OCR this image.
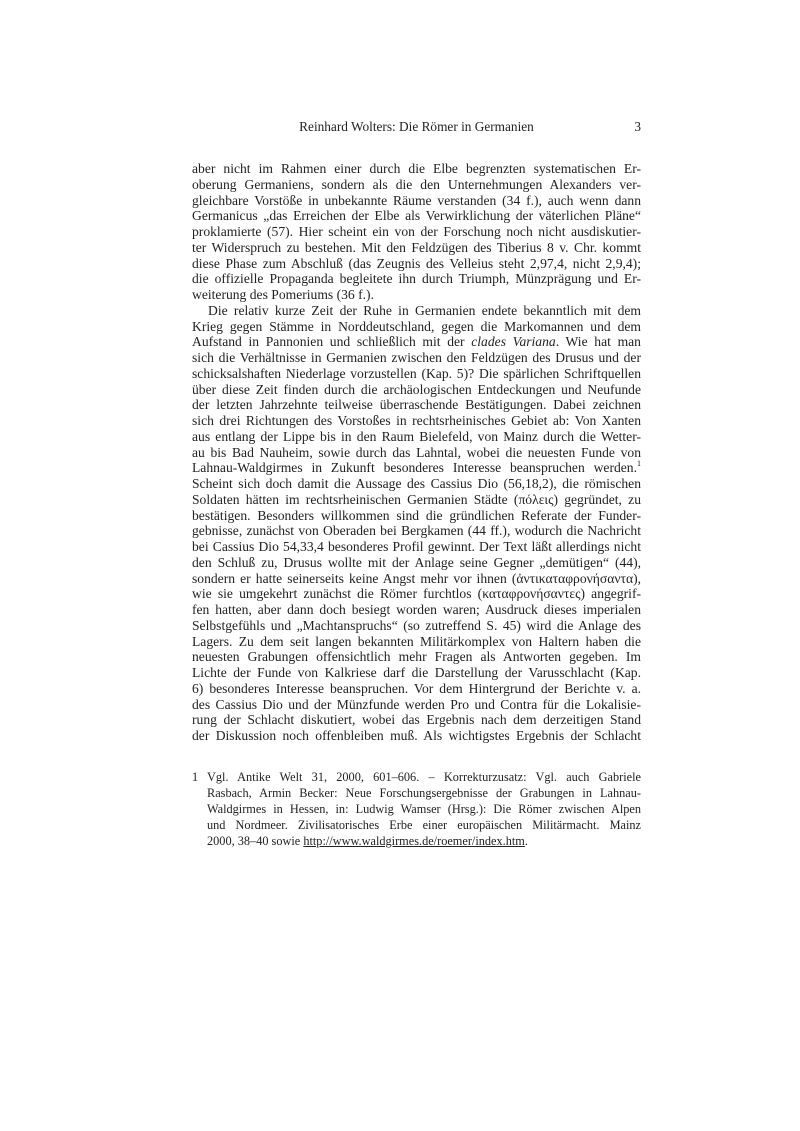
Reinhard Wolters: Die Römer in Germanien	3
aber nicht im Rahmen einer durch die Elbe begrenzten systematischen Er-
oberung Germaniens, sondern als die den Unternehmungen Alexanders ver-
gleichbare Vorstöße in unbekannte Räume verstanden (34 f.), auch wenn dann
Germanicus „das Erreichen der Elbe als Verwirklichung der väterlichen Pläne“
proklamierte (57). Hier scheint ein von der Forschung noch nicht ausdiskutier-
ter Widerspruch zu bestehen. Mit den Feldzügen des Tiberius 8 v. Chr. kommt
diese Phase zum Abschluß (das Zeugnis des Velleius steht 2,97,4, nicht 2,9,4);
die offizielle Propaganda begleitete ihn durch Triumph, Münzprägung und Er-
weiterung des Pomeriums (36 f.).
Die relativ kurze Zeit der Ruhe in Germanien endete bekanntlich mit dem
Krieg gegen Stämme in Norddeutschland, gegen die Markomannen und dem
Aufstand in Pannonien und schließlich mit der clades Variana. Wie hat man
sich die Verhältnisse in Germanien zwischen den Feldzügen des Drusus und der
schicksalshaften Niederlage vorzustellen (Kap. 5)? Die spärlichen Schriftquellen
über diese Zeit finden durch die archäologischen Entdeckungen und Neufunde
der letzten Jahrzehnte teilweise überraschende Bestätigungen. Dabei zeichnen
sich drei Richtungen des Vorstoßes in rechtsrheinisches Gebiet ab: Von Xanten
aus entlang der Lippe bis in den Raum Bielefeld, von Mainz durch die Wetter-
au bis Bad Nauheim, sowie durch das Lahntal, wobei die neuesten Funde von
Lahnau-Waldgirmes in Zukunft besonderes Interesse beanspruchen werden.$^1$
Scheint sich doch damit die Aussage des Cassius Dio (56,18,2), die römischen
Soldaten hätten im rechtsrheinischen Germanien Städte (πόλεις) gegründet, zu
bestätigen. Besonders willkommen sind die gründlichen Referate der Funder-
gebnisse, zunächst von Oberaden bei Bergkamen (44 ff.), wodurch die Nachricht
bei Cassius Dio 54,33,4 besonderes Profil gewinnt. Der Text läßt allerdings nicht
den Schluß zu, Drusus wollte mit der Anlage seine Gegner „demütigen“ (44),
sondern er hatte seinerseits keine Angst mehr vor ihnen (ἀντικαταφρονήσαντα),
wie sie umgekehrt zunächst die Römer furchtlos (καταφρονήσαντες) angegrif-
fen hatten, aber dann doch besiegt worden waren; Ausdruck dieses imperialen
Selbstgefühls und „Machtanspruchs“ (so zutreffend S. 45) wird die Anlage des
Lagers. Zu dem seit langen bekannten Militärkomplex von Haltern haben die
neuesten Grabungen offensichtlich mehr Fragen als Antworten gegeben. Im
Lichte der Funde von Kalkriese darf die Darstellung der Varusschlacht (Kap.
6) besonderes Interesse beanspruchen. Vor dem Hintergrund der Berichte v. a.
des Cassius Dio und der Münzfunde werden Pro und Contra für die Lokalisie-
rung der Schlacht diskutiert, wobei das Ergebnis nach dem derzeitigen Stand
der Diskussion noch offenbleiben muß. Als wichtigstes Ergebnis der Schlacht
1 Vgl. Antike Welt 31, 2000, 601–606. – Korrekturzusatz: Vgl. auch Gabriele
Rasbach, Armin Becker: Neue Forschungsergebnisse der Grabungen in Lahnau-
Waldgirmes in Hessen, in: Ludwig Wamser (Hrsg.): Die Römer zwischen Alpen
und Nordmeer. Zivilisatorisches Erbe einer europäischen Militärmacht. Mainz
2000, 38–40 sowie http://www.waldgirmes.de/roemer/index.htm.
